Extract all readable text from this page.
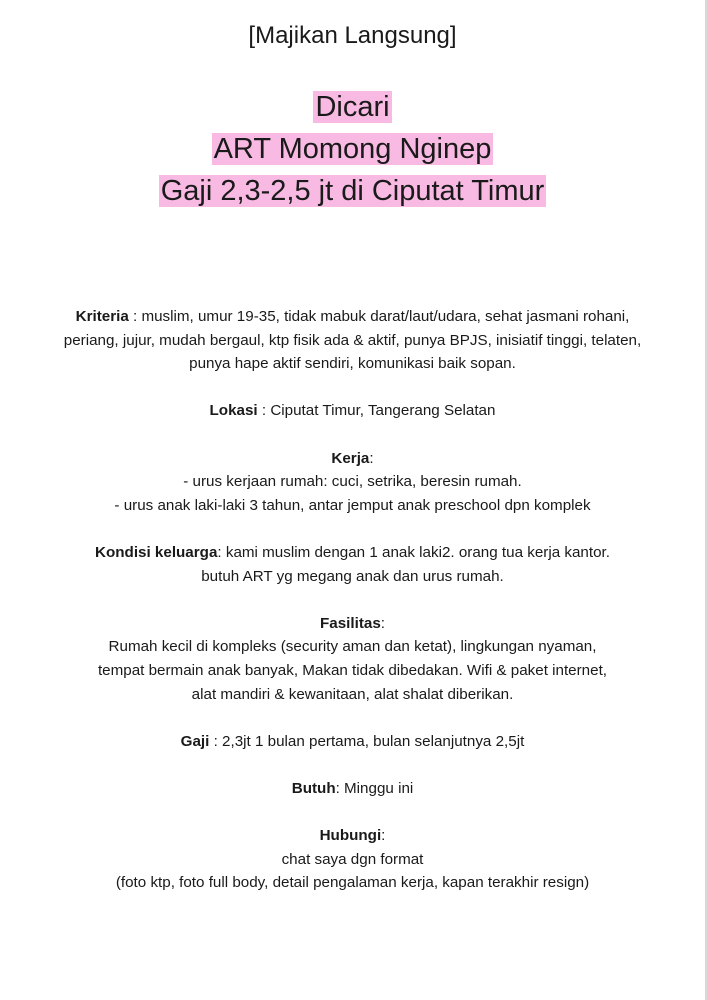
[Majikan Langsung]
Dicari
ART Momong Nginep
Gaji 2,3-2,5 jt di Ciputat Timur
Kriteria : muslim, umur 19-35, tidak mabuk darat/laut/udara, sehat jasmani rohani,
periang, jujur, mudah bergaul, ktp fisik ada & aktif, punya BPJS, inisiatif tinggi, telaten,
punya hape aktif sendiri, komunikasi baik sopan.
Lokasi : Ciputat Timur, Tangerang Selatan
Kerja:
- urus kerjaan rumah: cuci, setrika, beresin rumah.
- urus anak laki-laki 3 tahun, antar jemput anak preschool dpn komplek
Kondisi keluarga: kami muslim dengan 1 anak laki2. orang tua kerja kantor.
butuh ART yg megang anak dan urus rumah.
Fasilitas:
Rumah kecil di kompleks (security aman dan ketat), lingkungan nyaman,
tempat bermain anak banyak, Makan tidak dibedakan. Wifi & paket internet,
alat mandiri & kewanitaan, alat shalat diberikan.
Gaji : 2,3jt 1 bulan pertama, bulan selanjutnya 2,5jt
Butuh: Minggu ini
Hubungi:
chat saya dgn format
(foto ktp, foto full body, detail pengalaman kerja, kapan terakhir resign)
